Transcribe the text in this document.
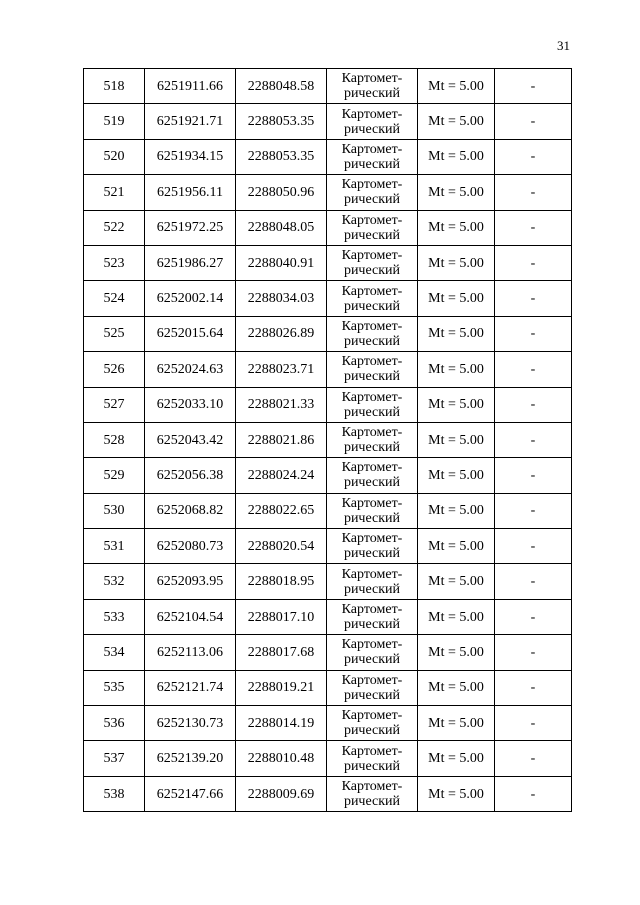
31
518	6251911.66	2288048.58	Картомет-
рический	Mt = 5.00	-
519	6251921.71	2288053.35	Картомет-
рический	Mt = 5.00	-
520	6251934.15	2288053.35	Картомет-
рический	Mt = 5.00	-
521	6251956.11	2288050.96	Картомет-
рический	Mt = 5.00	-
522	6251972.25	2288048.05	Картомет-
рический	Mt = 5.00	-
523	6251986.27	2288040.91	Картомет-
рический	Mt = 5.00	-
524	6252002.14	2288034.03	Картомет-
рический	Mt = 5.00	-
525	6252015.64	2288026.89	Картомет-
рический	Mt = 5.00	-
526	6252024.63	2288023.71	Картомет-
рический	Mt = 5.00	-
527	6252033.10	2288021.33	Картомет-
рический	Mt = 5.00	-
528	6252043.42	2288021.86	Картомет-
рический	Mt = 5.00	-
529	6252056.38	2288024.24	Картомет-
рический	Mt = 5.00	-
530	6252068.82	2288022.65	Картомет-
рический	Mt = 5.00	-
531	6252080.73	2288020.54	Картомет-
рический	Mt = 5.00	-
532	6252093.95	2288018.95	Картомет-
рический	Mt = 5.00	-
533	6252104.54	2288017.10	Картомет-
рический	Mt = 5.00	-
534	6252113.06	2288017.68	Картомет-
рический	Mt = 5.00	-
535	6252121.74	2288019.21	Картомет-
рический	Mt = 5.00	-
536	6252130.73	2288014.19	Картомет-
рический	Mt = 5.00	-
537	6252139.20	2288010.48	Картомет-
рический	Mt = 5.00	-
538	6252147.66	2288009.69	Картомет-
рический	Mt = 5.00	-
